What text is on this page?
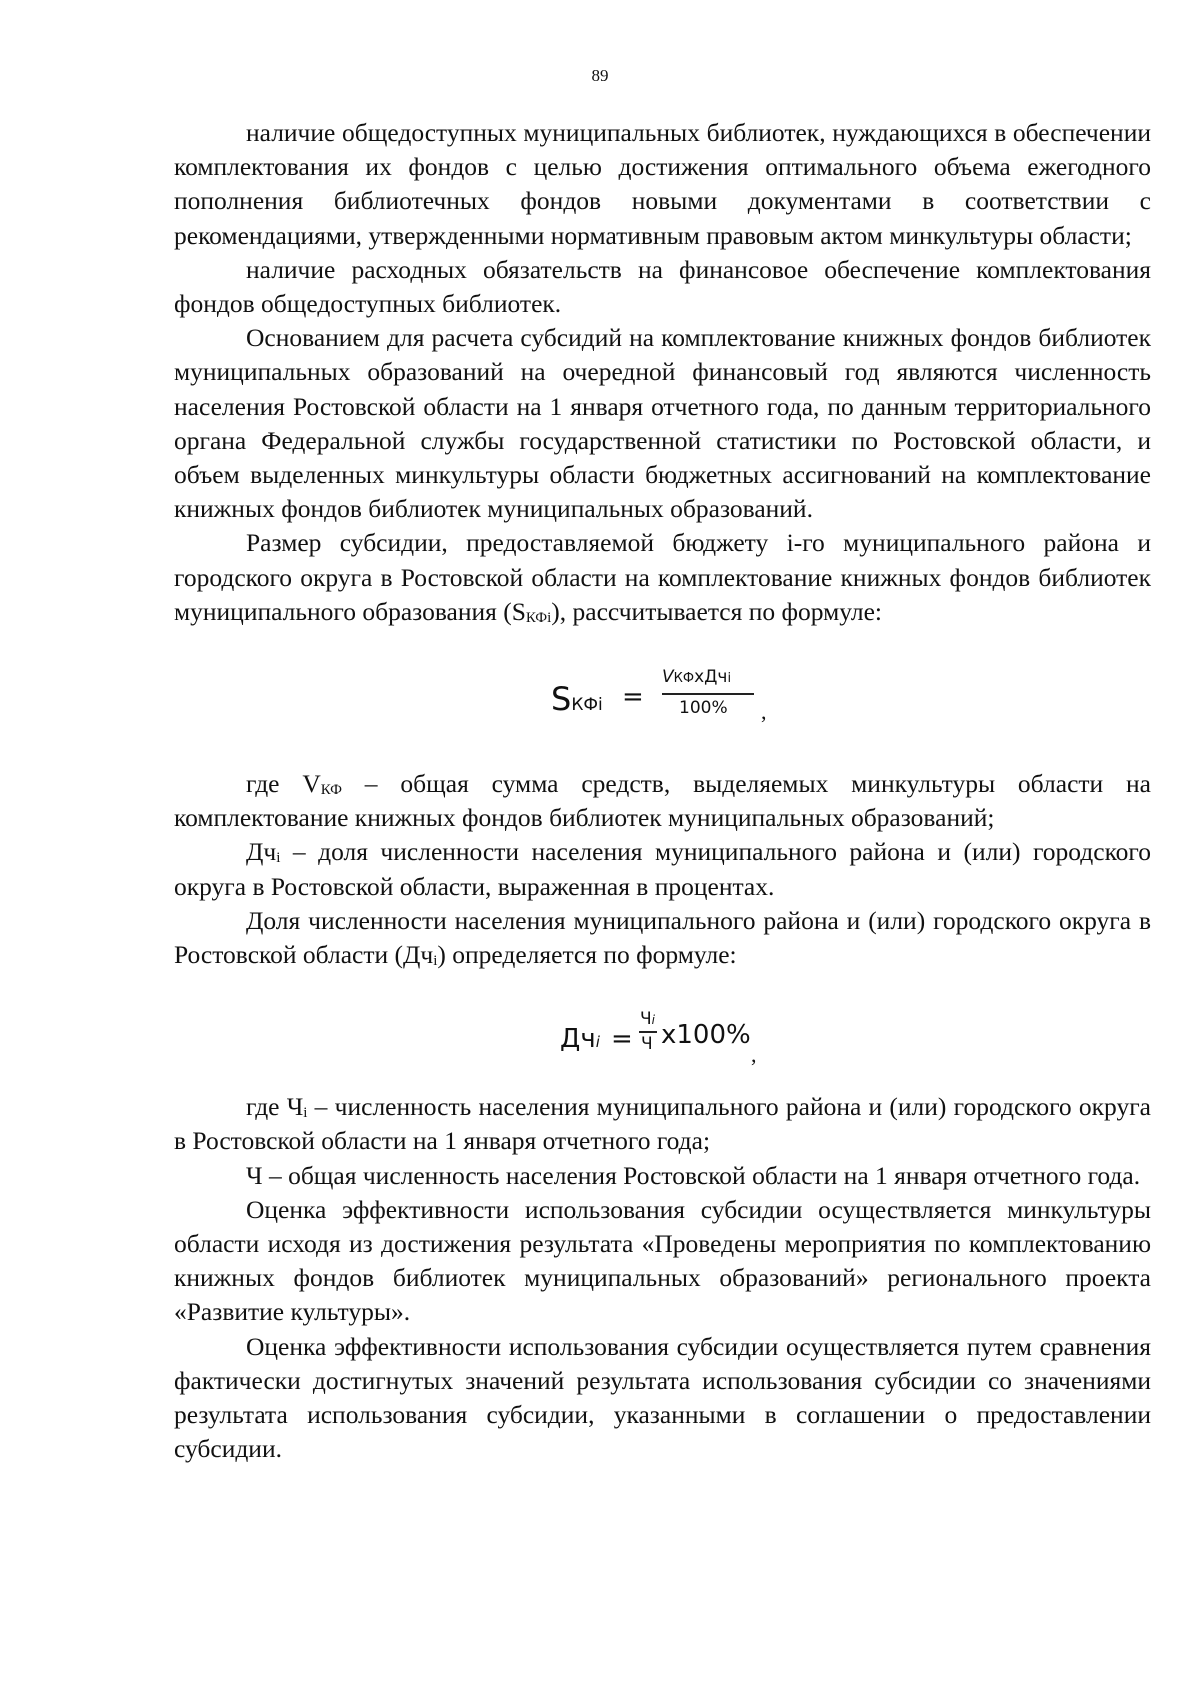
89

наличие общедоступных муниципальных библиотек, нуждающихся в обеспечении комплектования их фондов с целью достижения оптимального объема ежегодного пополнения библиотечных фондов новыми документами в соответствии с рекомендациями, утвержденными нормативным правовым актом минкультуры области;

наличие расходных обязательств на финансовое обеспечение комплектования фондов общедоступных библиотек.

Основанием для расчета субсидий на комплектование книжных фондов библиотек муниципальных образований на очередной финансовый год являются численность населения Ростовской области на 1 января отчетного года, по данным территориального органа Федеральной службы государственной статистики по Ростовской области, и объем выделенных минкультуры области бюджетных ассигнований на комплектование книжных фондов библиотек муниципальных образований.

Размер субсидии, предоставляемой бюджету i-го муниципального района и городского округа в Ростовской области на комплектование книжных фондов библиотек муниципального образования (SКФi), рассчитывается по формуле:

SКФi =
VКФxДчi
100% ,

где VКФ – общая сумма средств, выделяемых минкультуры области на комплектование книжных фондов библиотек муниципальных образований;

Дчi – доля численности населения муниципального района и (или) городского округа в Ростовской области, выраженная в процентах.

Доля численности населения муниципального района и (или) городского округа в Ростовской области (Дчi) определяется по формуле:

Дчi =
Чi
Ч x100%
,

где Чi – численность населения муниципального района и (или) городского округа в Ростовской области на 1 января отчетного года;

Ч – общая численность населения Ростовской области на 1 января отчетного года.

Оценка эффективности использования субсидии осуществляется минкультуры области исходя из достижения результата «Проведены мероприятия по комплектованию книжных фондов библиотек муниципальных образований» регионального проекта «Развитие культуры».

Оценка эффективности использования субсидии осуществляется путем сравнения фактически достигнутых значений результата использования субсидии со значениями результата использования субсидии, указанными в соглашении о предоставлении субсидии.
